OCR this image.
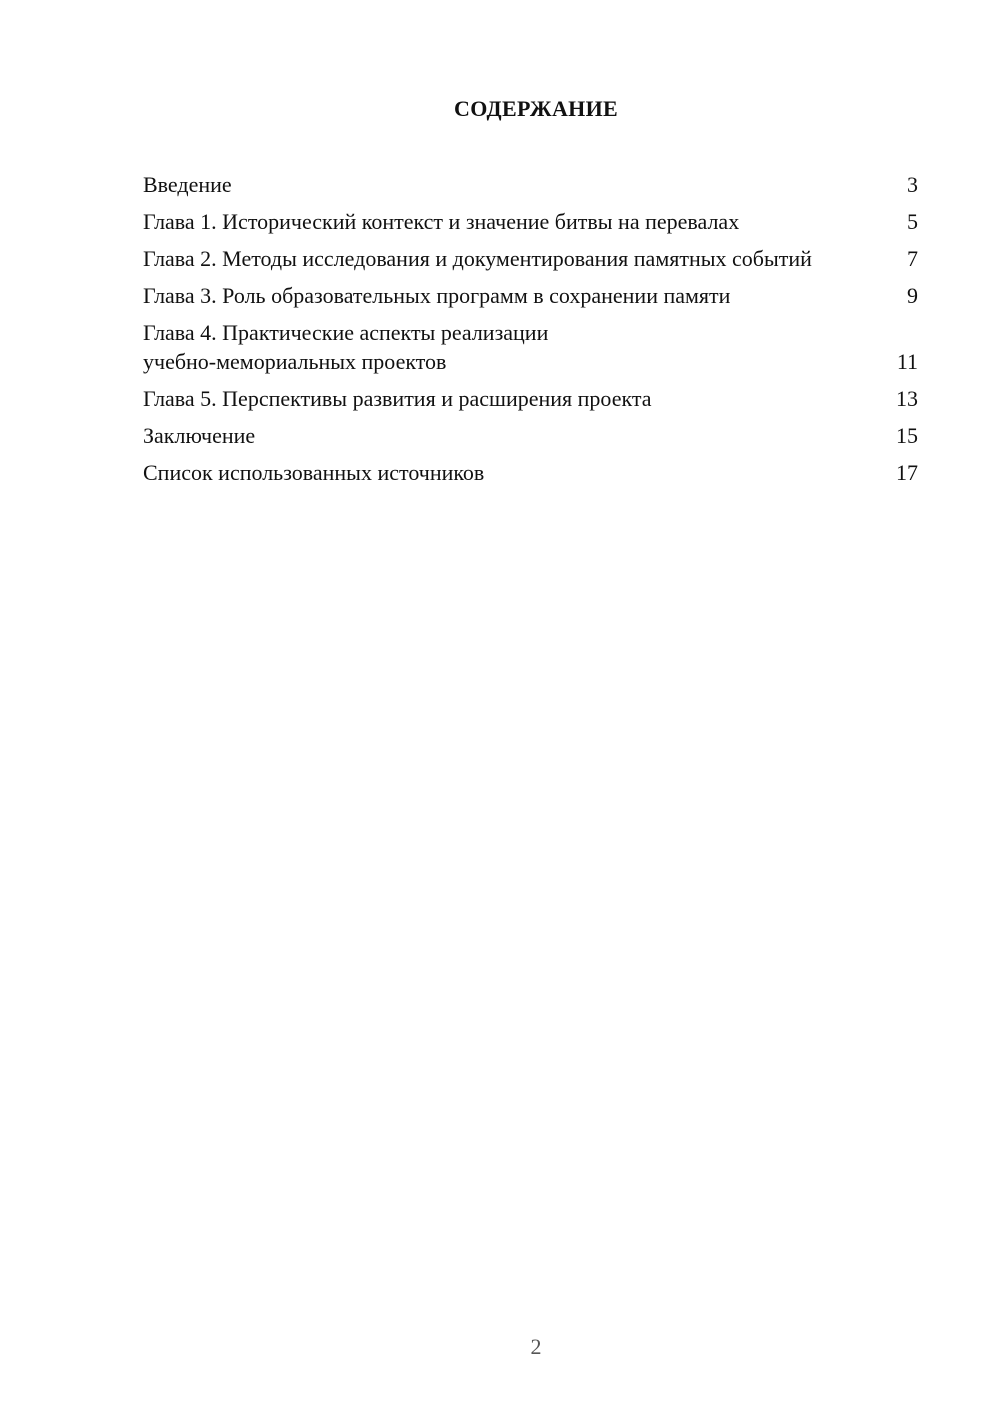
СОДЕРЖАНИЕ
Введение	3
Глава 1. Исторический контекст и значение битвы на перевалах	5
Глава 2. Методы исследования и документирования памятных событий	7
Глава 3. Роль образовательных программ в сохранении памяти	9
Глава 4. Практические аспекты реализации учебно-мемориальных проектов	11
Глава 5. Перспективы развития и расширения проекта	13
Заключение	15
Список использованных источников	17
2
